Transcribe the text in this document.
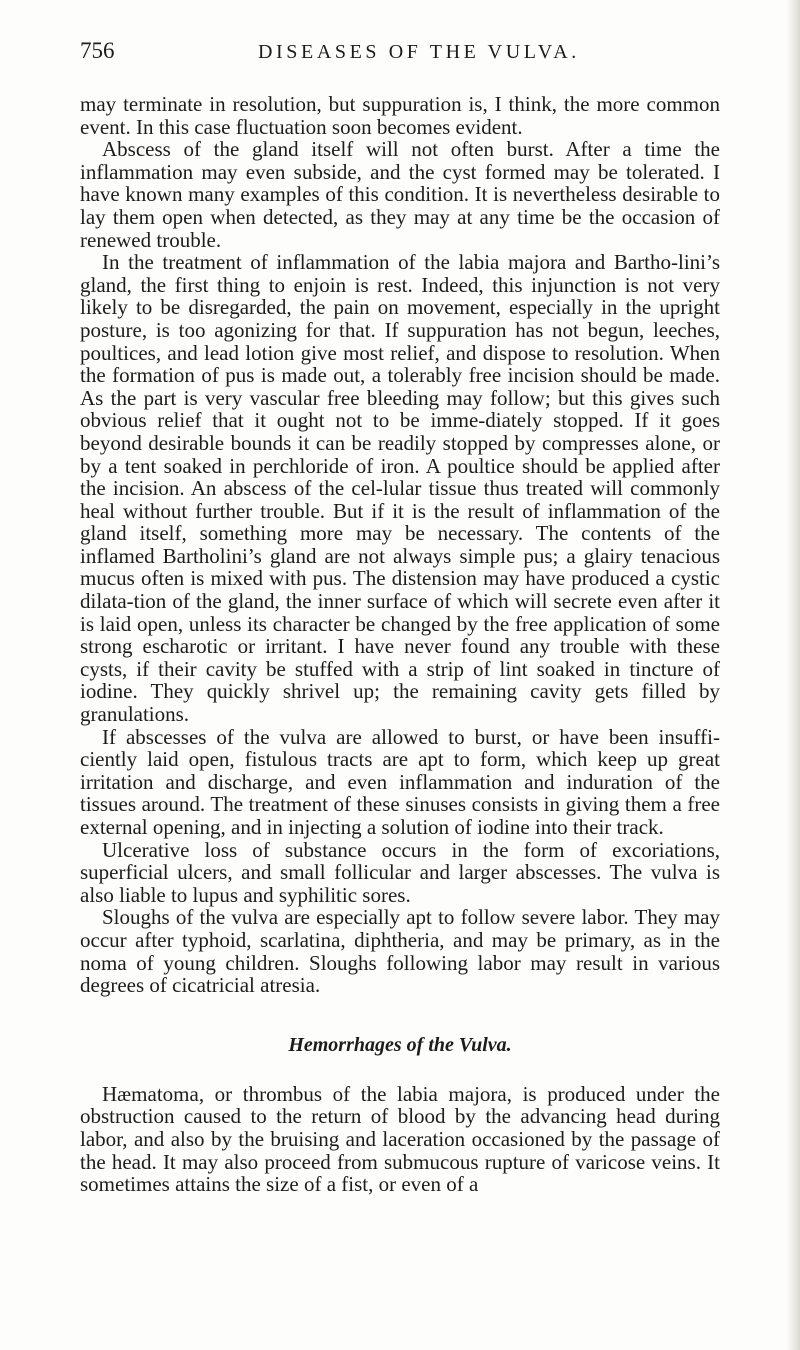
756	DISEASES OF THE VULVA.

may terminate in resolution, but suppuration is, I think, the more common event. In this case fluctuation soon becomes evident.

Abscess of the gland itself will not often burst. After a time the inflammation may even subside, and the cyst formed may be tolerated. I have known many examples of this condition. It is nevertheless desirable to lay them open when detected, as they may at any time be the occasion of renewed trouble.

In the treatment of inflammation of the labia majora and Bartho-lini’s gland, the first thing to enjoin is rest. Indeed, this injunction is not very likely to be disregarded, the pain on movement, especially in the upright posture, is too agonizing for that. If suppuration has not begun, leeches, poultices, and lead lotion give most relief, and dispose to resolution. When the formation of pus is made out, a tolerably free incision should be made. As the part is very vascular free bleeding may follow; but this gives such obvious relief that it ought not to be imme-diately stopped. If it goes beyond desirable bounds it can be readily stopped by compresses alone, or by a tent soaked in perchloride of iron. A poultice should be applied after the incision. An abscess of the cel-lular tissue thus treated will commonly heal without further trouble. But if it is the result of inflammation of the gland itself, something more may be necessary. The contents of the inflamed Bartholini’s gland are not always simple pus; a glairy tenacious mucus often is mixed with pus. The distension may have produced a cystic dilata-tion of the gland, the inner surface of which will secrete even after it is laid open, unless its character be changed by the free application of some strong escharotic or irritant. I have never found any trouble with these cysts, if their cavity be stuffed with a strip of lint soaked in tincture of iodine. They quickly shrivel up; the remaining cavity gets filled by granulations.

If abscesses of the vulva are allowed to burst, or have been insuffi-ciently laid open, fistulous tracts are apt to form, which keep up great irritation and discharge, and even inflammation and induration of the tissues around. The treatment of these sinuses consists in giving them a free external opening, and in injecting a solution of iodine into their track.

Ulcerative loss of substance occurs in the form of excoriations, superficial ulcers, and small follicular and larger abscesses. The vulva is also liable to lupus and syphilitic sores.

Sloughs of the vulva are especially apt to follow severe labor. They may occur after typhoid, scarlatina, diphtheria, and may be primary, as in the noma of young children. Sloughs following labor may result in various degrees of cicatricial atresia.

Hemorrhages of the Vulva.

Hæmatoma, or thrombus of the labia majora, is produced under the obstruction caused to the return of blood by the advancing head during labor, and also by the bruising and laceration occasioned by the passage of the head. It may also proceed from submucous rupture of varicose veins. It sometimes attains the size of a fist, or even of a
